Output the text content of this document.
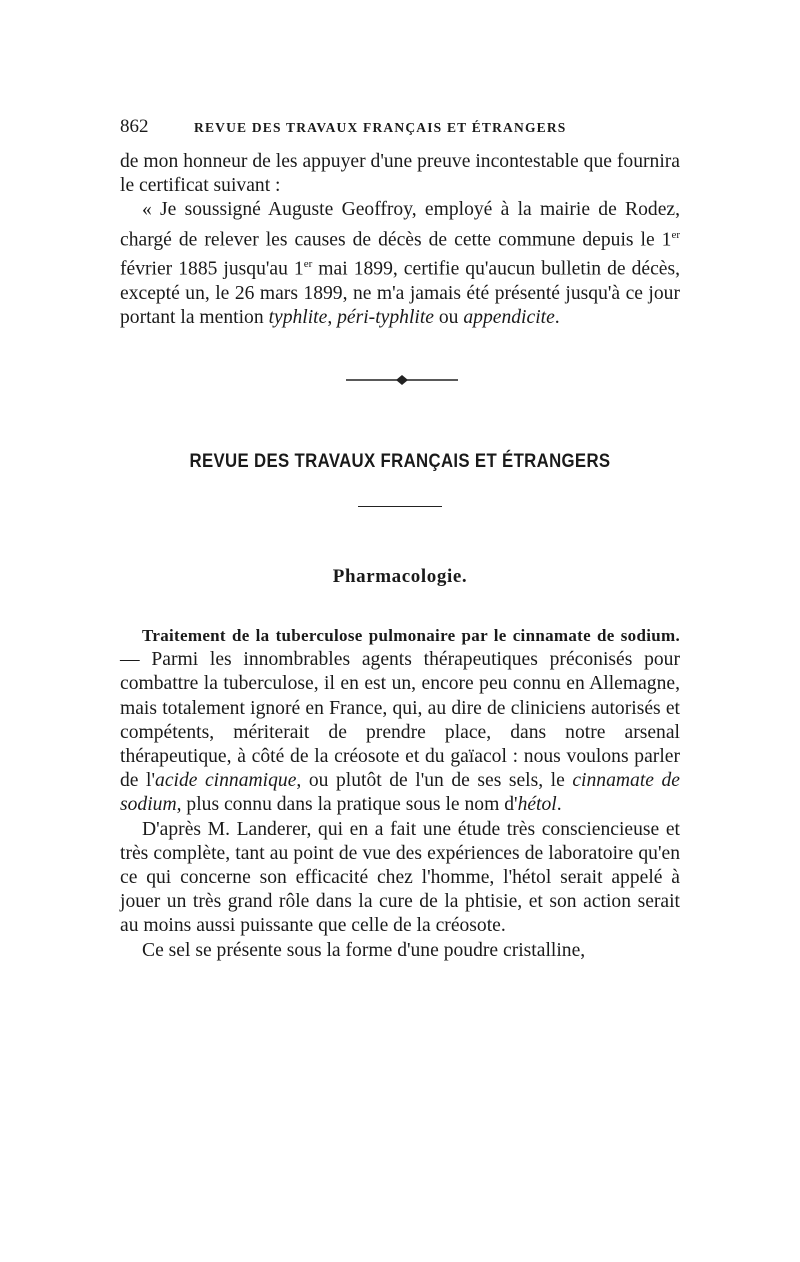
862	REVUE DES TRAVAUX FRANÇAIS ET ÉTRANGERS

de mon honneur de les appuyer d'une preuve incontestable que fournira le certificat suivant :

« Je soussigné Auguste Geoffroy, employé à la mairie de Rodez, chargé de relever les causes de décès de cette commune depuis le 1er février 1885 jusqu'au 1er mai 1899, certifie qu'aucun bulletin de décès, excepté un, le 26 mars 1899, ne m'a jamais été présenté jusqu'à ce jour portant la mention typhlite, péri-typhlite ou appendicite.

REVUE DES TRAVAUX FRANÇAIS ET ÉTRANGERS
Pharmacologie.

Traitement de la tuberculose pulmonaire par le cinnamate de sodium. — Parmi les innombrables agents thérapeutiques préconisés pour combattre la tuberculose, il en est un, encore peu connu en Allemagne, mais totalement ignoré en France, qui, au dire de cliniciens autorisés et compétents, mériterait de prendre place, dans notre arsenal thérapeutique, à côté de la créosote et du gaïacol : nous voulons parler de l'acide cinnamique, ou plutôt de l'un de ses sels, le cinnamate de sodium, plus connu dans la pratique sous le nom d'hétol.

D'après M. Landerer, qui en a fait une étude très consciencieuse et très complète, tant au point de vue des expériences de laboratoire qu'en ce qui concerne son efficacité chez l'homme, l'hétol serait appelé à jouer un très grand rôle dans la cure de la phtisie, et son action serait au moins aussi puissante que celle de la créosote.

Ce sel se présente sous la forme d'une poudre cristalline,
